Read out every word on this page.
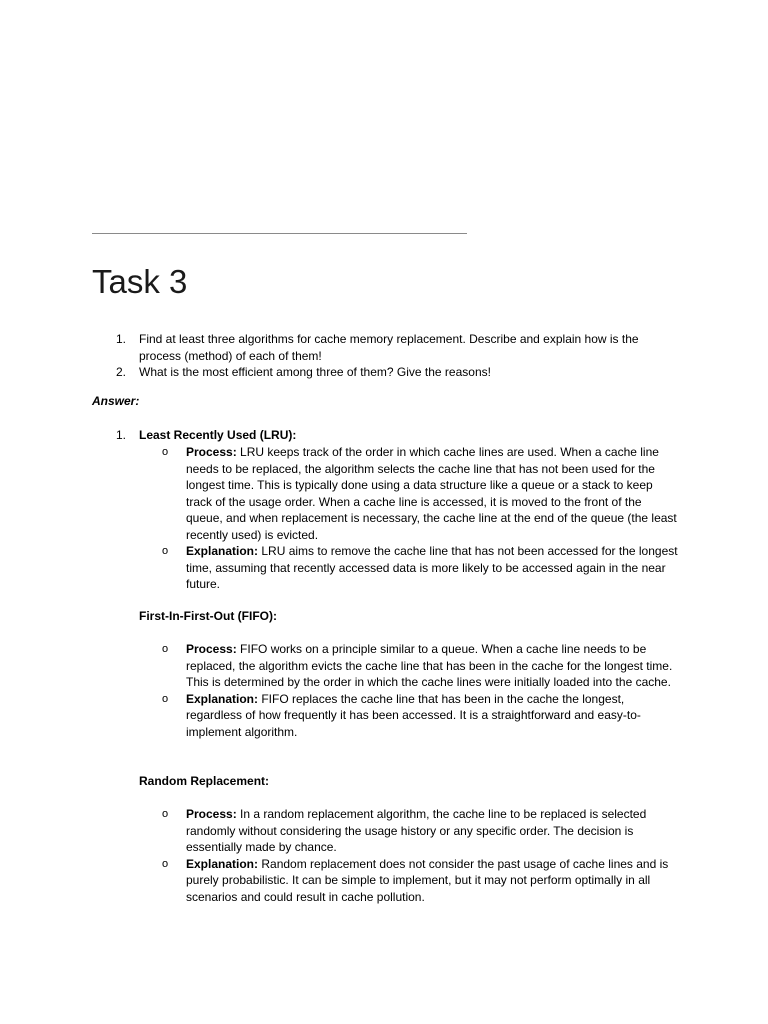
Task 3
1.	Find at least three algorithms for cache memory replacement. Describe and explain how is the process (method) of each of them!
2.	What is the most efficient among three of them? Give the reasons!
Answer:
1. Least Recently Used (LRU):
o	Process: LRU keeps track of the order in which cache lines are used. When a cache line needs to be replaced, the algorithm selects the cache line that has not been used for the longest time. This is typically done using a data structure like a queue or a stack to keep track of the usage order. When a cache line is accessed, it is moved to the front of the queue, and when replacement is necessary, the cache line at the end of the queue (the least recently used) is evicted.
o	Explanation: LRU aims to remove the cache line that has not been accessed for the longest time, assuming that recently accessed data is more likely to be accessed again in the near future.
First-In-First-Out (FIFO):
o	Process: FIFO works on a principle similar to a queue. When a cache line needs to be replaced, the algorithm evicts the cache line that has been in the cache for the longest time. This is determined by the order in which the cache lines were initially loaded into the cache.
o	Explanation: FIFO replaces the cache line that has been in the cache the longest, regardless of how frequently it has been accessed. It is a straightforward and easy-to-implement algorithm.
Random Replacement:
o	Process: In a random replacement algorithm, the cache line to be replaced is selected randomly without considering the usage history or any specific order. The decision is essentially made by chance.
o	Explanation: Random replacement does not consider the past usage of cache lines and is purely probabilistic. It can be simple to implement, but it may not perform optimally in all scenarios and could result in cache pollution.
